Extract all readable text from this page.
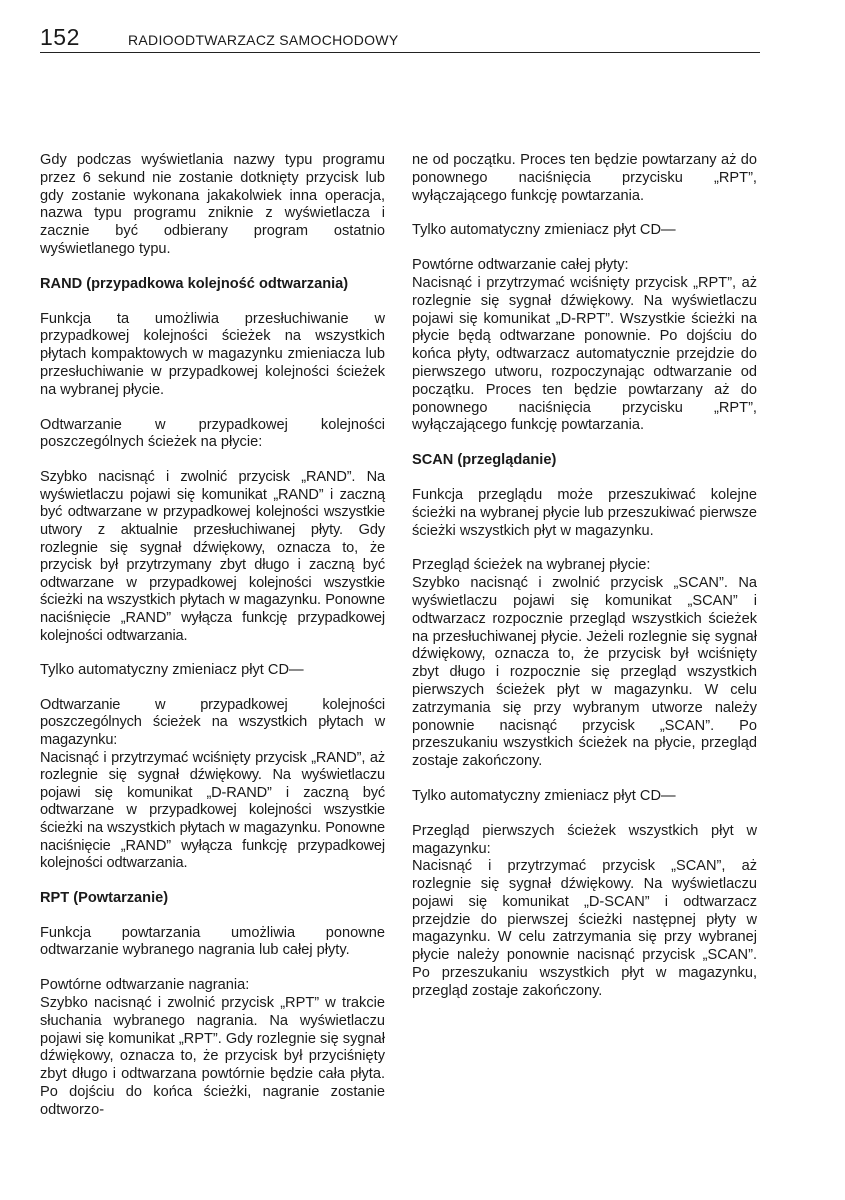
152	RADIOODTWARZACZ SAMOCHODOWY

Gdy podczas wyświetlania nazwy typu programu przez 6 sekund nie zostanie dotknięty przycisk lub gdy zostanie wykonana jakakolwiek inna operacja, nazwa typu programu zniknie z wyświetlacza i zacznie być odbierany program ostatnio wyświetlanego typu.

RAND (przypadkowa kolejność odtwarzania)

Funkcja ta umożliwia przesłuchiwanie w przypadkowej kolejności ścieżek na wszystkich płytach kompaktowych w magazynku zmieniacza lub przesłuchiwanie w przypadkowej kolejności ścieżek na wybranej płycie.

Odtwarzanie w przypadkowej kolejności poszczególnych ścieżek na płycie:

Szybko nacisnąć i zwolnić przycisk „RAND”. Na wyświetlaczu pojawi się komunikat „RAND” i zaczną być odtwarzane w przypadkowej kolejności wszystkie utwory z aktualnie przesłuchiwanej płyty. Gdy rozlegnie się sygnał dźwiękowy, oznacza to, że przycisk był przytrzymany zbyt długo i zaczną być odtwarzane w przypadkowej kolejności wszystkie ścieżki na wszystkich płytach w magazynku. Ponowne naciśnięcie „RAND” wyłącza funkcję przypadkowej kolejności odtwarzania.

Tylko automatyczny zmieniacz płyt CD—

Odtwarzanie w przypadkowej kolejności poszczególnych ścieżek na wszystkich płytach w magazynku:
Nacisnąć i przytrzymać wciśnięty przycisk „RAND”, aż rozlegnie się sygnał dźwiękowy. Na wyświetlaczu pojawi się komunikat „D-RAND” i zaczną być odtwarzane w przypadkowej kolejności wszystkie ścieżki na wszystkich płytach w magazynku. Ponowne naciśnięcie „RAND” wyłącza funkcję przypadkowej kolejności odtwarzania.

RPT (Powtarzanie)

Funkcja powtarzania umożliwia ponowne odtwarzanie wybranego nagrania lub całej płyty.

Powtórne odtwarzanie nagrania:
Szybko nacisnąć i zwolnić przycisk „RPT” w trakcie słuchania wybranego nagrania. Na wyświetlaczu pojawi się komunikat „RPT”. Gdy rozlegnie się sygnał dźwiękowy, oznacza to, że przycisk był przyciśnięty zbyt długo i odtwarzana powtórnie będzie cała płyta. Po dojściu do końca ścieżki, nagranie zostanie odtworzo-

ne od początku. Proces ten będzie powtarzany aż do ponownego naciśnięcia przycisku „RPT”, wyłączającego funkcję powtarzania.

Tylko automatyczny zmieniacz płyt CD—

Powtórne odtwarzanie całej płyty:
Nacisnąć i przytrzymać wciśnięty przycisk „RPT”, aż rozlegnie się sygnał dźwiękowy. Na wyświetlaczu pojawi się komunikat „D-RPT”. Wszystkie ścieżki na płycie będą odtwarzane ponownie. Po dojściu do końca płyty, odtwarzacz automatycznie przejdzie do pierwszego utworu, rozpoczynając odtwarzanie od początku. Proces ten będzie powtarzany aż do ponownego naciśnięcia przycisku „RPT”, wyłączającego funkcję powtarzania.

SCAN (przeglądanie)

Funkcja przeglądu może przeszukiwać kolejne ścieżki na wybranej płycie lub przeszukiwać pierwsze ścieżki wszystkich płyt w magazynku.

Przegląd ścieżek na wybranej płycie:
Szybko nacisnąć i zwolnić przycisk „SCAN”. Na wyświetlaczu pojawi się komunikat „SCAN” i odtwarzacz rozpocznie przegląd wszystkich ścieżek na przesłuchiwanej płycie. Jeżeli rozlegnie się sygnał dźwiękowy, oznacza to, że przycisk był wciśnięty zbyt długo i rozpocznie się przegląd wszystkich pierwszych ścieżek płyt w magazynku. W celu zatrzymania się przy wybranym utworze należy ponownie nacisnąć przycisk „SCAN”. Po przeszukaniu wszystkich ścieżek na płycie, przegląd zostaje zakończony.

Tylko automatyczny zmieniacz płyt CD—

Przegląd pierwszych ścieżek wszystkich płyt w magazynku:
Nacisnąć i przytrzymać przycisk „SCAN”, aż rozlegnie się sygnał dźwiękowy. Na wyświetlaczu pojawi się komunikat „D-SCAN” i odtwarzacz przejdzie do pierwszej ścieżki następnej płyty w magazynku. W celu zatrzymania się przy wybranej płycie należy ponownie nacisnąć przycisk „SCAN”. Po przeszukaniu wszystkich płyt w magazynku, przegląd zostaje zakończony.
